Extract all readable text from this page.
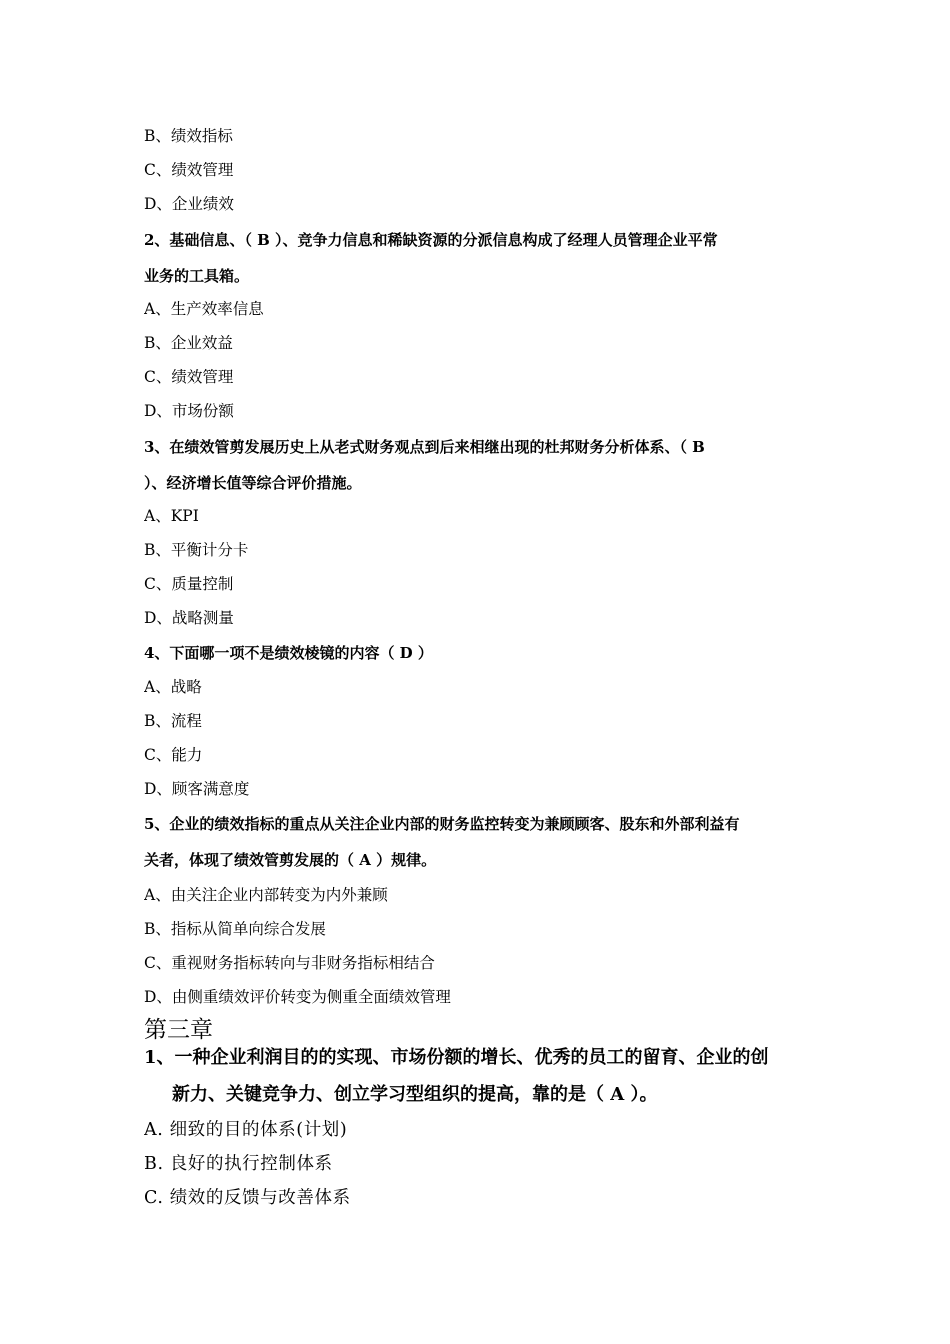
B、绩效指标
C、绩效管理
D、企业绩效
2、基础信息、（ B ）、竞争力信息和稀缺资源的分派信息构成了经理人员管理企业平常
业务的工具箱。
A、生产效率信息
B、企业效益
C、绩效管理
D、市场份额
3、在绩效管剪发展历史上从老式财务观点到后来相继出现的杜邦财务分析体系、（ B
）、经济增长值等综合评价措施。
A、KPI
B、平衡计分卡
C、质量控制
D、战略测量
4、下面哪一项不是绩效棱镜的内容（ D ）
A、战略
B、流程
C、能力
D、顾客满意度
5、企业的绩效指标的重点从关注企业内部的财务监控转变为兼顾顾客、股东和外部利益有
关者，体现了绩效管剪发展的（ A ）规律。
A、由关注企业内部转变为内外兼顾
B、指标从简单向综合发展
C、重视财务指标转向与非财务指标相结合
D、由侧重绩效评价转变为侧重全面绩效管理
第三章
1、一种企业利润目的的实现、市场份额的增长、优秀的员工的留育、企业的创
新力、关键竞争力、创立学习型组织的提高，靠的是（ A ）。
A. 细致的目的体系(计划)
B. 良好的执行控制体系
C. 绩效的反馈与改善体系
